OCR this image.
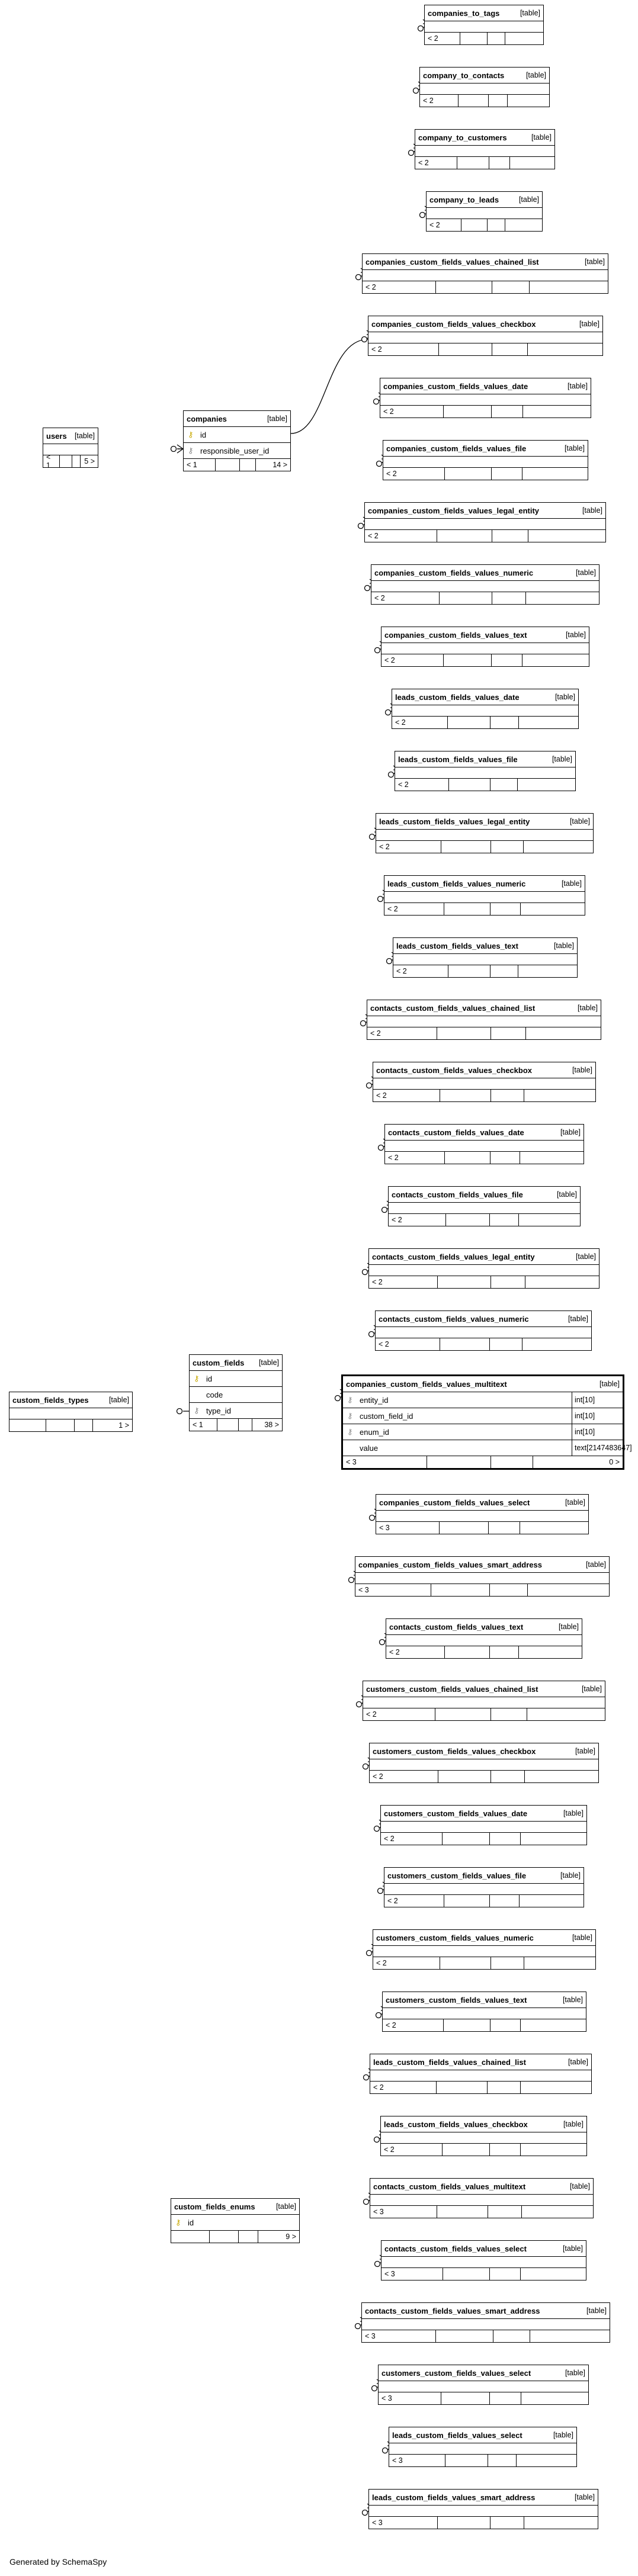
companies_to_tags	[table]
< 2
company_to_contacts	[table]
< 2
company_to_customers	[table]
< 2
company_to_leads	[table]
< 2
companies_custom_fields_values_chained_list	[table]
< 2
companies_custom_fields_values_checkbox	[table]
< 2
companies_custom_fields_values_date	[table]
< 2
companies_custom_fields_values_file	[table]
< 2
companies_custom_fields_values_legal_entity	[table]
< 2
companies_custom_fields_values_numeric	[table]
< 2
companies_custom_fields_values_text	[table]
< 2
leads_custom_fields_values_date	[table]
< 2
leads_custom_fields_values_file	[table]
< 2
leads_custom_fields_values_legal_entity	[table]
< 2
leads_custom_fields_values_numeric	[table]
< 2
leads_custom_fields_values_text	[table]
< 2
contacts_custom_fields_values_chained_list	[table]
< 2
contacts_custom_fields_values_checkbox	[table]
< 2
contacts_custom_fields_values_date	[table]
< 2
contacts_custom_fields_values_file	[table]
< 2
contacts_custom_fields_values_legal_entity	[table]
< 2
contacts_custom_fields_values_numeric	[table]
< 2
companies_custom_fields_values_multitext	[table]
⚷ entity_id	int[10]
⚷ custom_field_id	int[10]
⚷ enum_id	int[10]
value	text[2147483647]
< 3	0 >
companies_custom_fields_values_select	[table]
< 3
companies_custom_fields_values_smart_address	[table]
< 3
contacts_custom_fields_values_text	[table]
< 2
customers_custom_fields_values_chained_list	[table]
< 2
customers_custom_fields_values_checkbox	[table]
< 2
customers_custom_fields_values_date	[table]
< 2
customers_custom_fields_values_file	[table]
< 2
customers_custom_fields_values_numeric	[table]
< 2
customers_custom_fields_values_text	[table]
< 2
leads_custom_fields_values_chained_list	[table]
< 2
leads_custom_fields_values_checkbox	[table]
< 2
contacts_custom_fields_values_multitext	[table]
< 3
contacts_custom_fields_values_select	[table]
< 3
contacts_custom_fields_values_smart_address	[table]
< 3
customers_custom_fields_values_select	[table]
< 3
leads_custom_fields_values_select	[table]
< 3
leads_custom_fields_values_smart_address	[table]
< 3
users [table]
< 1	5 >
companies	[table]
⚷ id
⚷ responsible_user_id
< 1	14 >
custom_fields_types	[table]
1 >
custom_fields [table]
⚷ id
code
⚷ type_id
< 1	38 >
custom_fields_enums	[table]
⚷ id
9 >
Generated by SchemaSpy
